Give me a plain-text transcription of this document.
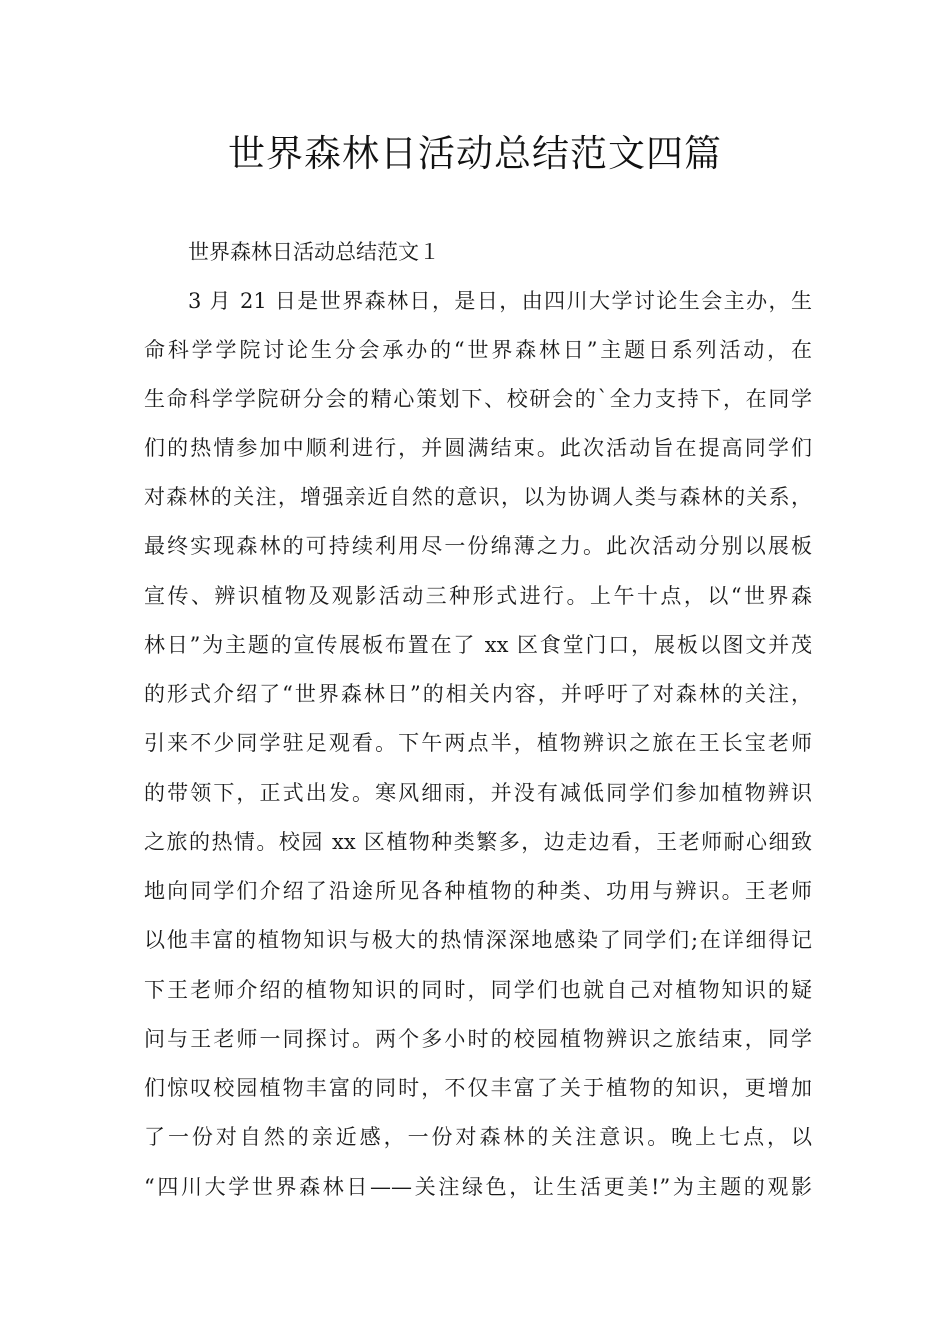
世界森林日活动总结范文四篇
世界森林日活动总结范文１
3 月 21 日是世界森林日，是日，由四川大学讨论生会主办，生
命科学学院讨论生分会承办的“世界森林日”主题日系列活动，在
生命科学学院研分会的精心策划下、校研会的`全力支持下，在同学
们的热情参加中顺利进行，并圆满结束。此次活动旨在提高同学们
对森林的关注，增强亲近自然的意识，以为协调人类与森林的关系，
最终实现森林的可持续利用尽一份绵薄之力。此次活动分别以展板
宣传、辨识植物及观影活动三种形式进行。上午十点，以“世界森
林日”为主题的宣传展板布置在了 xx 区食堂门口，展板以图文并茂
的形式介绍了“世界森林日”的相关内容，并呼吁了对森林的关注，
引来不少同学驻足观看。下午两点半，植物辨识之旅在王长宝老师
的带领下，正式出发。寒风细雨，并没有减低同学们参加植物辨识
之旅的热情。校园 xx 区植物种类繁多，边走边看，王老师耐心细致
地向同学们介绍了沿途所见各种植物的种类、功用与辨识。王老师
以他丰富的植物知识与极大的热情深深地感染了同学们;在详细得记
下王老师介绍的植物知识的同时，同学们也就自己对植物知识的疑
问与王老师一同探讨。两个多小时的校园植物辨识之旅结束，同学
们惊叹校园植物丰富的同时，不仅丰富了关于植物的知识，更增加
了一份对自然的亲近感，一份对森林的关注意识。晚上七点，以
“四川大学世界森林日——关注绿色，让生活更美!”为主题的观影
